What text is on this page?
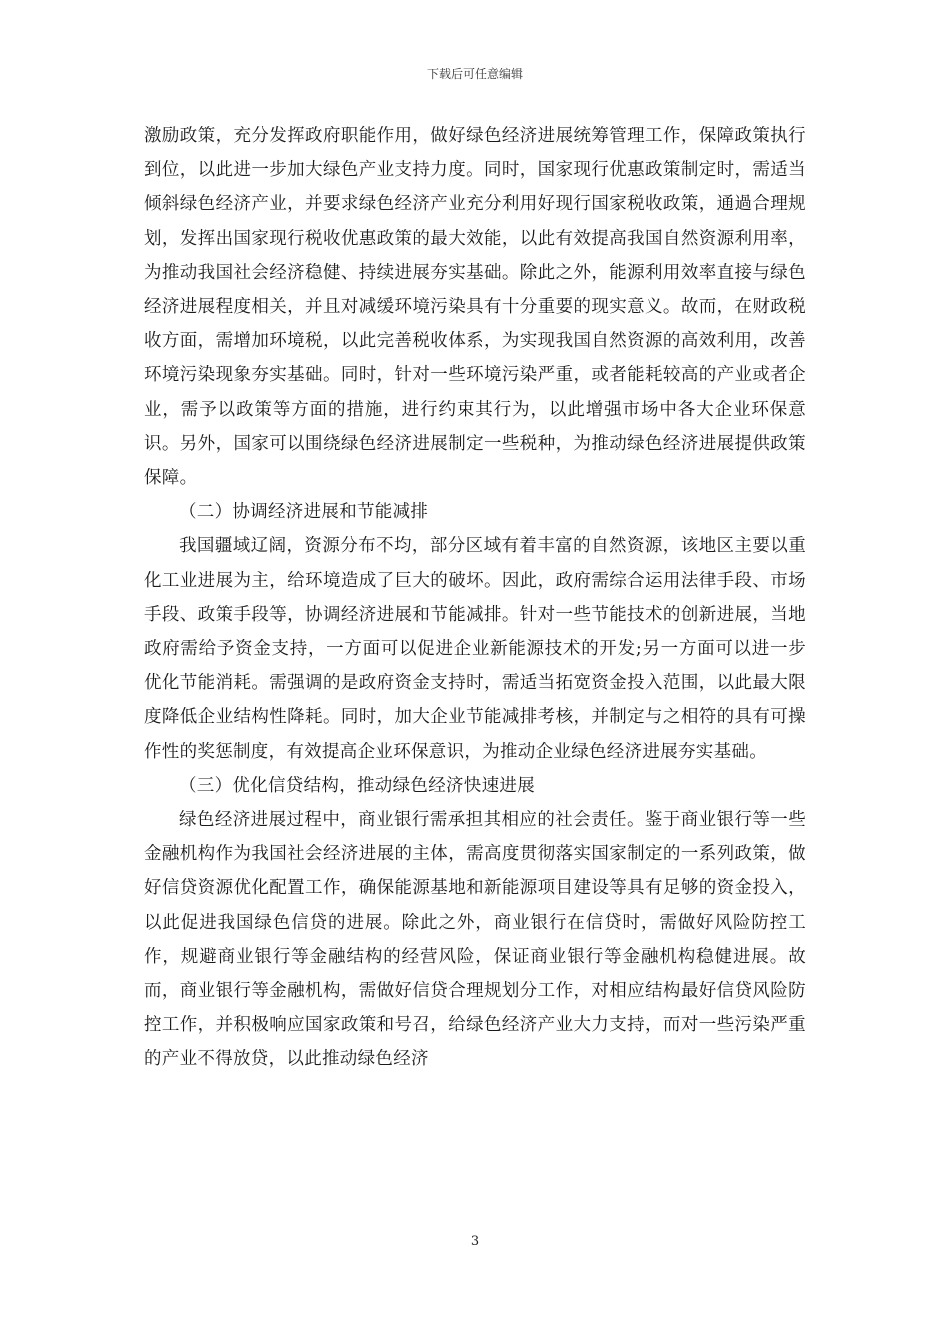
下载后可任意编辑

激励政策，充分发挥政府职能作用，做好绿色经济进展统筹管理工作，保障政策执行到位，以此进一步加大绿色产业支持力度。同时，国家现行优惠政策制定时，需适当倾斜绿色经济产业，并要求绿色经济产业充分利用好现行国家税收政策，通過合理规划，发挥出国家现行税收优惠政策的最大效能，以此有效提高我国自然资源利用率，为推动我国社会经济稳健、持续进展夯实基础。除此之外，能源利用效率直接与绿色经济进展程度相关，并且对减缓环境污染具有十分重要的现实意义。故而，在财政税收方面，需增加环境税，以此完善税收体系，为实现我国自然资源的高效利用，改善环境污染现象夯实基础。同时，针对一些环境污染严重，或者能耗较高的产业或者企业，需予以政策等方面的措施，进行约束其行为，以此增强市场中各大企业环保意识。另外，国家可以围绕绿色经济进展制定一些税种，为推动绿色经济进展提供政策保障。

（二）协调经济进展和节能减排

我国疆域辽阔，资源分布不均，部分区域有着丰富的自然资源，该地区主要以重化工业进展为主，给环境造成了巨大的破坏。因此，政府需综合运用法律手段、市场手段、政策手段等，协调经济进展和节能减排。针对一些节能技术的创新进展，当地政府需给予资金支持，一方面可以促进企业新能源技术的开发;另一方面可以进一步优化节能消耗。需强调的是政府资金支持时，需适当拓宽资金投入范围，以此最大限度降低企业结构性降耗。同时，加大企业节能减排考核，并制定与之相符的具有可操作性的奖惩制度，有效提高企业环保意识，为推动企业绿色经济进展夯实基础。

（三）优化信贷结构，推动绿色经济快速进展

绿色经济进展过程中，商业银行需承担其相应的社会责任。鉴于商业银行等一些金融机构作为我国社会经济进展的主体，需高度贯彻落实国家制定的一系列政策，做好信贷资源优化配置工作，确保能源基地和新能源项目建设等具有足够的资金投入，以此促进我国绿色信贷的进展。除此之外，商业银行在信贷时，需做好风险防控工作，规避商业银行等金融结构的经营风险，保证商业银行等金融机构稳健进展。故而，商业银行等金融机构，需做好信贷合理规划分工作，对相应结构最好信贷风险防控工作，并积极响应国家政策和号召，给绿色经济产业大力支持，而对一些污染严重的产业不得放贷，以此推动绿色经济

3
